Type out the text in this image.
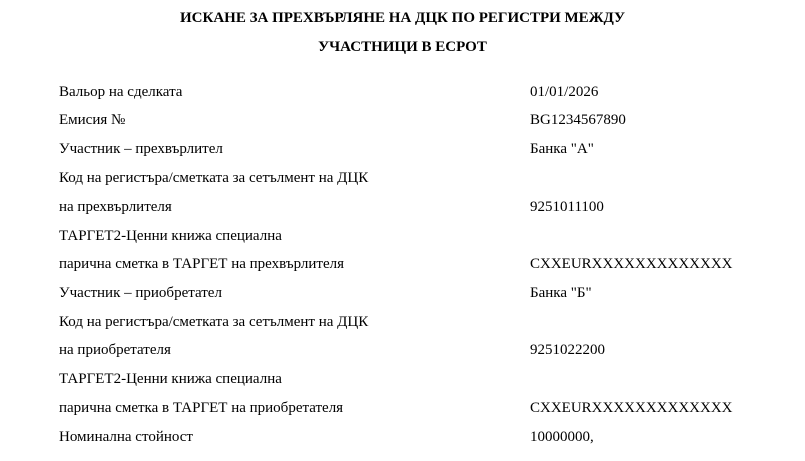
ИСКАНЕ ЗА ПРЕХВЪРЛЯНЕ НА ДЦК ПО РЕГИСТРИ МЕЖДУ
УЧАСТНИЦИ В ЕСРОТ
Вальор на сделката	01/01/2026
Емисия №	BG1234567890
Участник – прехвърлител	Банка "А"
Код на регистъра/сметката за сетълмент на ДЦК
на прехвърлителя	9251011100
ТАРГЕТ2-Ценни книжа специална
парична сметка в ТАРГЕТ на прехвърлителя	CXXEURXXXXXXXXXXXXX
Участник – приобретател	Банка "Б"
Код на регистъра/сметката за сетълмент на ДЦК
на приобретателя	9251022200
ТАРГЕТ2-Ценни книжа специална
парична сметка в ТАРГЕТ на приобретателя	CXXEURXXXXXXXXXXXXX
Номинална стойност	10000000,
